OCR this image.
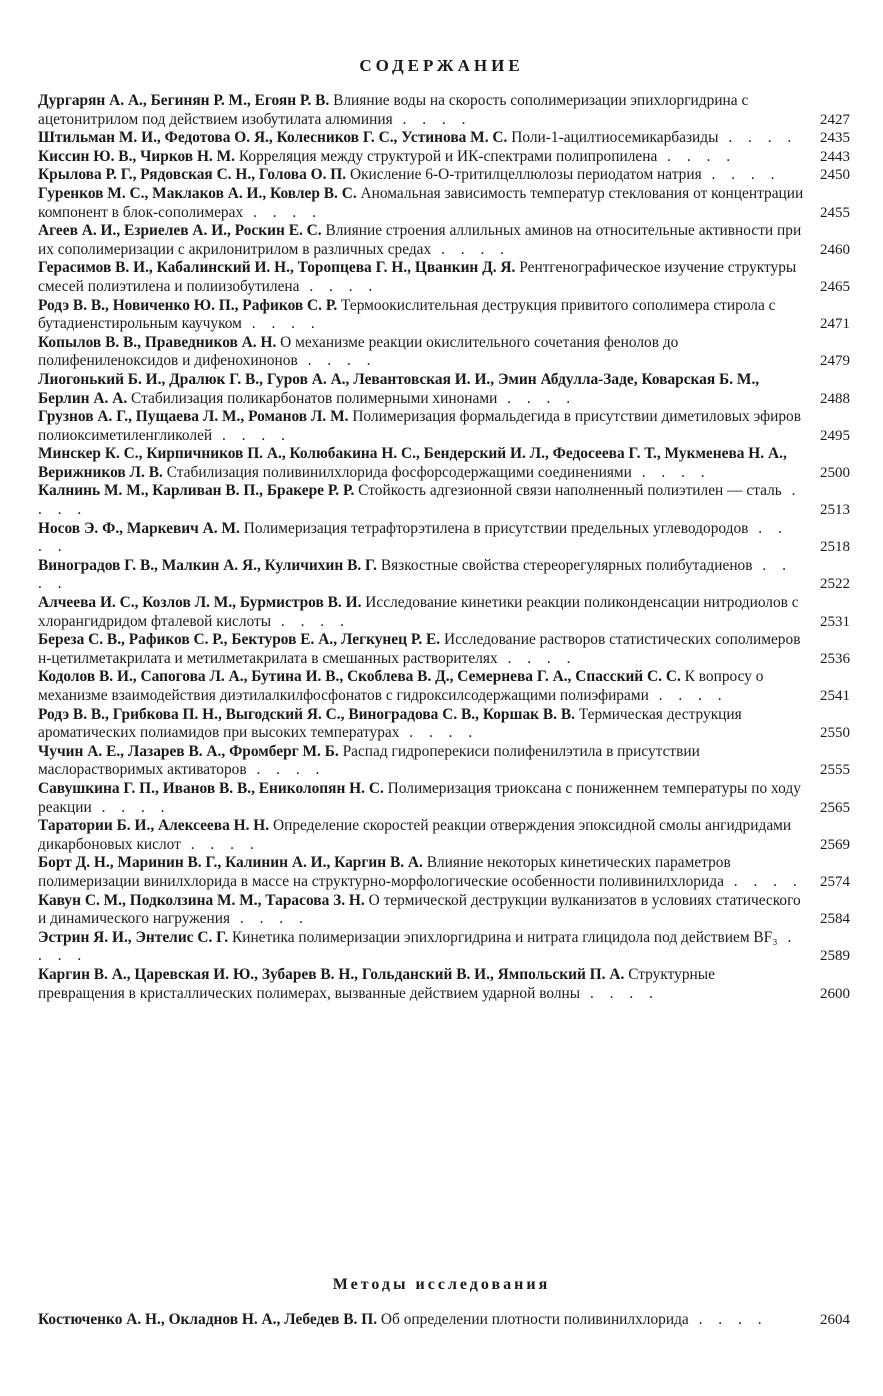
СОДЕРЖАНИЕ
Дургарян А. А., Бегинян Р. М., Егоян Р. В. Влияние воды на скорость сополимеризации эпихлоргидрина с ацетонитрилом под действием изобутилата алюминия . . . .	2427
Штильман М. И., Федотова О. Я., Колесников Г. С., Устинова М. С. Поли-1-ацилтиосемикарбазиды . . . .	2435
Киссин Ю. В., Чирков Н. М. Корреляция между структурой и ИК-спектрами полипропилена . . . .	2443
Крылова Р. Г., Рядовская С. Н., Голова О. П. Окисление 6-О-тритилцеллюлозы периодатом натрия . . . .	2450
Гуренков М. С., Маклаков А. И., Ковлер В. С. Аномальная зависимость температур стеклования от концентрации компонент в блок-сополимерах . . . .	2455
Агеев А. И., Езриелев А. И., Роскин Е. С. Влияние строения аллильных аминов на относительные активности при их сополимеризации с акрилонитрилом в различных средах . . . .	2460
Герасимов В. И., Кабалинский И. Н., Торопцева Г. Н., Цванкин Д. Я. Рентгенографическое изучение структуры смесей полиэтилена и полиизобутилена . . . .	2465
Родэ В. В., Новиченко Ю. П., Рафиков С. Р. Термоокислительная деструкция привитого сополимера стирола с бутадиенстирольным каучуком . . . .	2471
Копылов В. В., Праведников А. Н. О механизме реакции окислительного сочетания фенолов до полифениленоксидов и дифенохинонов . . . .	2479
Лиогонький Б. И., Дралюк Г. В., Гуров А. А., Левантовская И. И., Эмин Абдулла-Заде, Коварская Б. М., Берлин А. А. Стабилизация поликарбонатов полимерными хинонами . . . .	2488
Грузнов А. Г., Пущаева Л. М., Романов Л. М. Полимеризация формальдегида в присутствии диметиловых эфиров полиоксиметиленгликолей . . . .	2495
Минскер К. С., Кирпичников П. А., Колюбакина Н. С., Бендерский И. Л., Федосеева Г. Т., Мукменева Н. А., Верижников Л. В. Стабилизация поливинилхлорида фосфорсодержащими соединениями . . . .	2500
Калнинь М. М., Карливан В. П., Бракере Р. Р. Стойкость адгезионной связи наполненный полиэтилен — сталь . . . .	2513
Носов Э. Ф., Маркевич А. М. Полимеризация тетрафторэтилена в присутствии предельных углеводородов . . . .	2518
Виноградов Г. В., Малкин А. Я., Куличихин В. Г. Вязкостные свойства стереорегулярных полибутадиенов . . . .	2522
Алчеева И. С., Козлов Л. М., Бурмистров В. И. Исследование кинетики реакции поликонденсации нитродиолов с хлорангидридом фталевой кислоты . . . .	2531
Береза С. В., Рафиков С. Р., Бектуров Е. А., Легкунец Р. Е. Исследование растворов статистических сополимеров н-цетилметакрилата и метилметакрилата в смешанных растворителях . . . .	2536
Кодолов В. И., Сапогова Л. А., Бутина И. В., Скоблева В. Д., Семернева Г. А., Спасский С. С. К вопросу о механизме взаимодействия диэтилалкилфосфонатов с гидроксилсодержащими полиэфирами . . . .	2541
Родэ В. В., Грибкова П. Н., Выгодский Я. С., Виноградова С. В., Коршак В. В. Термическая деструкция ароматических полиамидов при высоких температурах . . . .	2550
Чучин А. Е., Лазарев В. А., Фромберг М. Б. Распад гидроперекиси полифенилэтила в присутствии маслорастворимых активаторов . . . .	2555
Савушкина Г. П., Иванов В. В., Ениколопян Н. С. Полимеризация триоксана с пониженнем температуры по ходу реакции . . . .	2565
Таратории Б. И., Алексеева Н. Н. Определение скоростей реакции отверждения эпоксидной смолы ангидридами дикарбоновых кислот . . . .	2569
Борт Д. Н., Маринин В. Г., Калинин А. И., Каргин В. А. Влияние некоторых кинетических параметров полимеризации винилхлорида в массе на структурно-морфологические особенности поливинилхлорида . . . .	2574
Кавун С. М., Подколзина М. М., Тарасова З. Н. О термической деструкции вулканизатов в условиях статического и динамического нагружения . . . .	2584
Эстрин Я. И., Энтелис С. Г. Кинетика полимеризации эпихлоргидрина и нитрата глицидола под действием BF₃ . . . .	2589
Каргин В. А., Царевская И. Ю., Зубарев В. Н., Гольданский В. И., Ямпольский П. А. Структурные превращения в кристаллических полимерах, вызванные действием ударной волны . . . .	2600
Методы исследования
Костюченко А. Н., Окладнов Н. А., Лебедев В. П. Об определении плотности поливинилхлорида . . . .	2604
